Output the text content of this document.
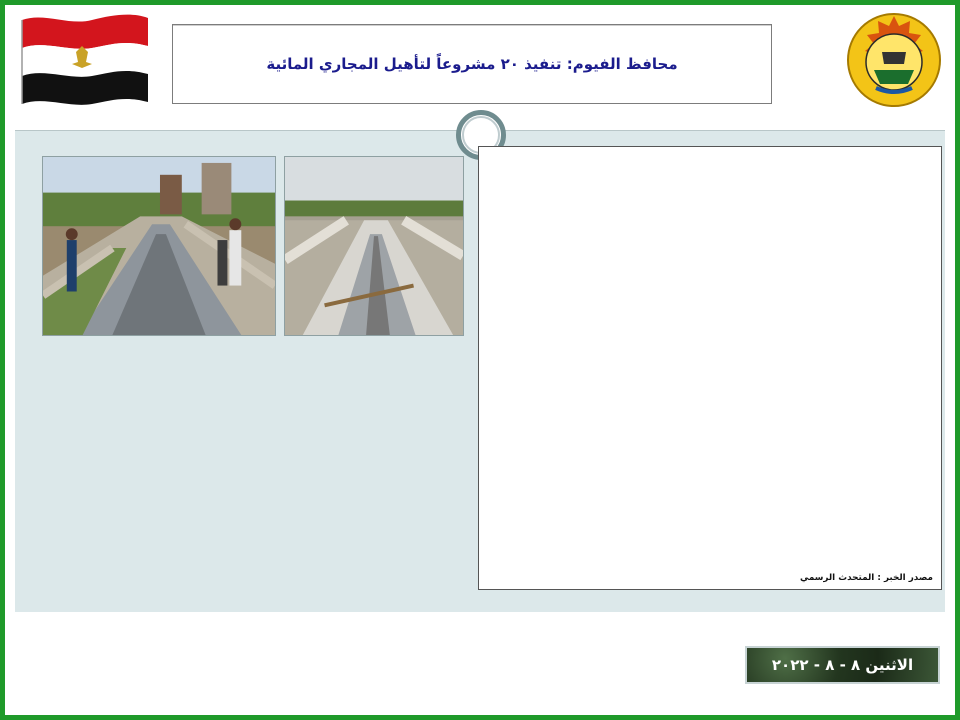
محافظ الفيوم: تنفيذ ٢٠ مشروعاً لتأهيل المجاري المائية

مصدر الخبر : المتحدث الرسمي
الاثنين ٨ - ٨ - ٢٠٢٢
